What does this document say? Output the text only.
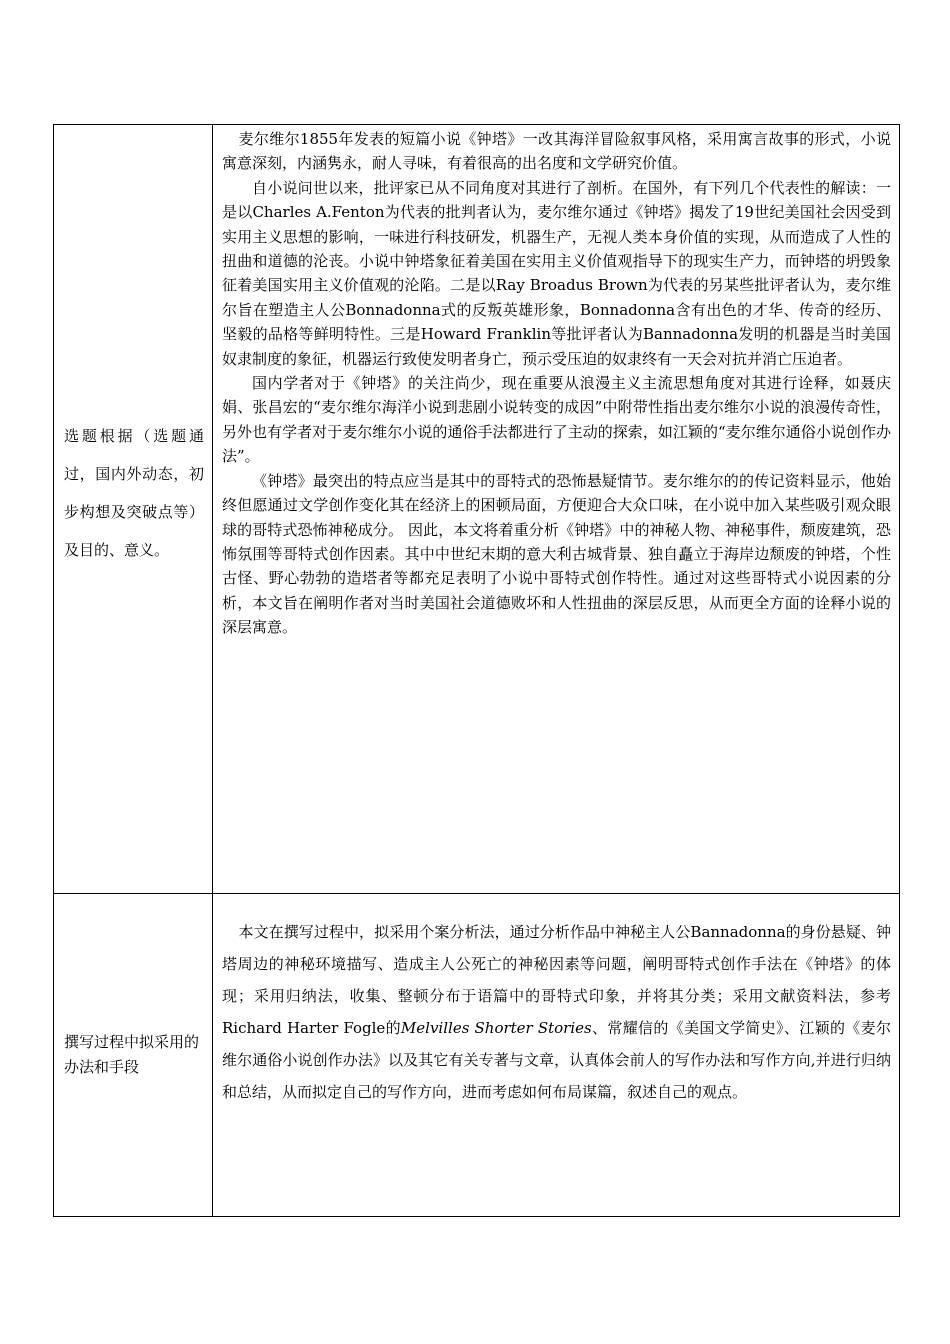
选题根据（选题通过，国内外动态，初步构想及突破点等）及目的、意义。	麦尔维尔1855年发表的短篇小说《钟塔》一改其海洋冒险叙事风格，采用寓言故事的形式，小说寓意深刻，内涵隽永，耐人寻味，有着很高的出名度和文学研究价值。

自小说问世以来，批评家已从不同角度对其进行了剖析。在国外，有下列几个代表性的解读：一是以Charles A.Fenton为代表的批判者认为，麦尔维尔通过《钟塔》揭发了19世纪美国社会因受到实用主义思想的影响，一味进行科技研发，机器生产，无视人类本身价值的实现，从而造成了人性的扭曲和道德的沦丧。小说中钟塔象征着美国在实用主义价值观指导下的现实生产力，而钟塔的坍毁象征着美国实用主义价值观的沦陷。二是以Ray Broadus Brown为代表的另某些批评者认为，麦尔维尔旨在塑造主人公Bonnadonna式的反叛英雄形象，Bonnadonna含有出色的才华、传奇的经历、坚毅的品格等鲜明特性。三是Howard Franklin等批评者认为Bannadonna发明的机器是当时美国奴隶制度的象征，机器运行致使发明者身亡，预示受压迫的奴隶终有一天会对抗并消亡压迫者。

国内学者对于《钟塔》的关注尚少，现在重要从浪漫主义主流思想角度对其进行诠释，如聂庆娟、张昌宏的“麦尔维尔海洋小说到悲剧小说转变的成因”中附带性指出麦尔维尔小说的浪漫传奇性，另外也有学者对于麦尔维尔小说的通俗手法都进行了主动的探索，如江颖的“麦尔维尔通俗小说创作办法”。

《钟塔》最突出的特点应当是其中的哥特式的恐怖悬疑情节。麦尔维尔的的传记资料显示，他始终但愿通过文学创作变化其在经济上的困顿局面，方便迎合大众口味，在小说中加入某些吸引观众眼球的哥特式恐怖神秘成分。 因此，本文将着重分析《钟塔》中的神秘人物、神秘事件，颓废建筑，恐怖氛围等哥特式创作因素。其中中世纪末期的意大利古城背景、独自矗立于海岸边颓废的钟塔，个性古怪、野心勃勃的造塔者等都充足表明了小说中哥特式创作特性。通过对这些哥特式小说因素的分析，本文旨在阐明作者对当时美国社会道德败坏和人性扭曲的深层反思，从而更全方面的诠释小说的深层寓意。

撰写过程中拟采用的办法和手段	本文在撰写过程中，拟采用个案分析法，通过分析作品中神秘主人公Bannadonna的身份悬疑、钟塔周边的神秘环境描写、造成主人公死亡的神秘因素等问题，阐明哥特式创作手法在《钟塔》的体现；采用归纳法，收集、整顿分布于语篇中的哥特式印象，并将其分类；采用文献资料法，参考Richard Harter Fogle的Melvilles Shorter Stories、常耀信的《美国文学简史》、江颖的《麦尔维尔通俗小说创作办法》以及其它有关专著与文章，认真体会前人的写作办法和写作方向,并进行归纳和总结，从而拟定自己的写作方向，进而考虑如何布局谋篇，叙述自己的观点。
